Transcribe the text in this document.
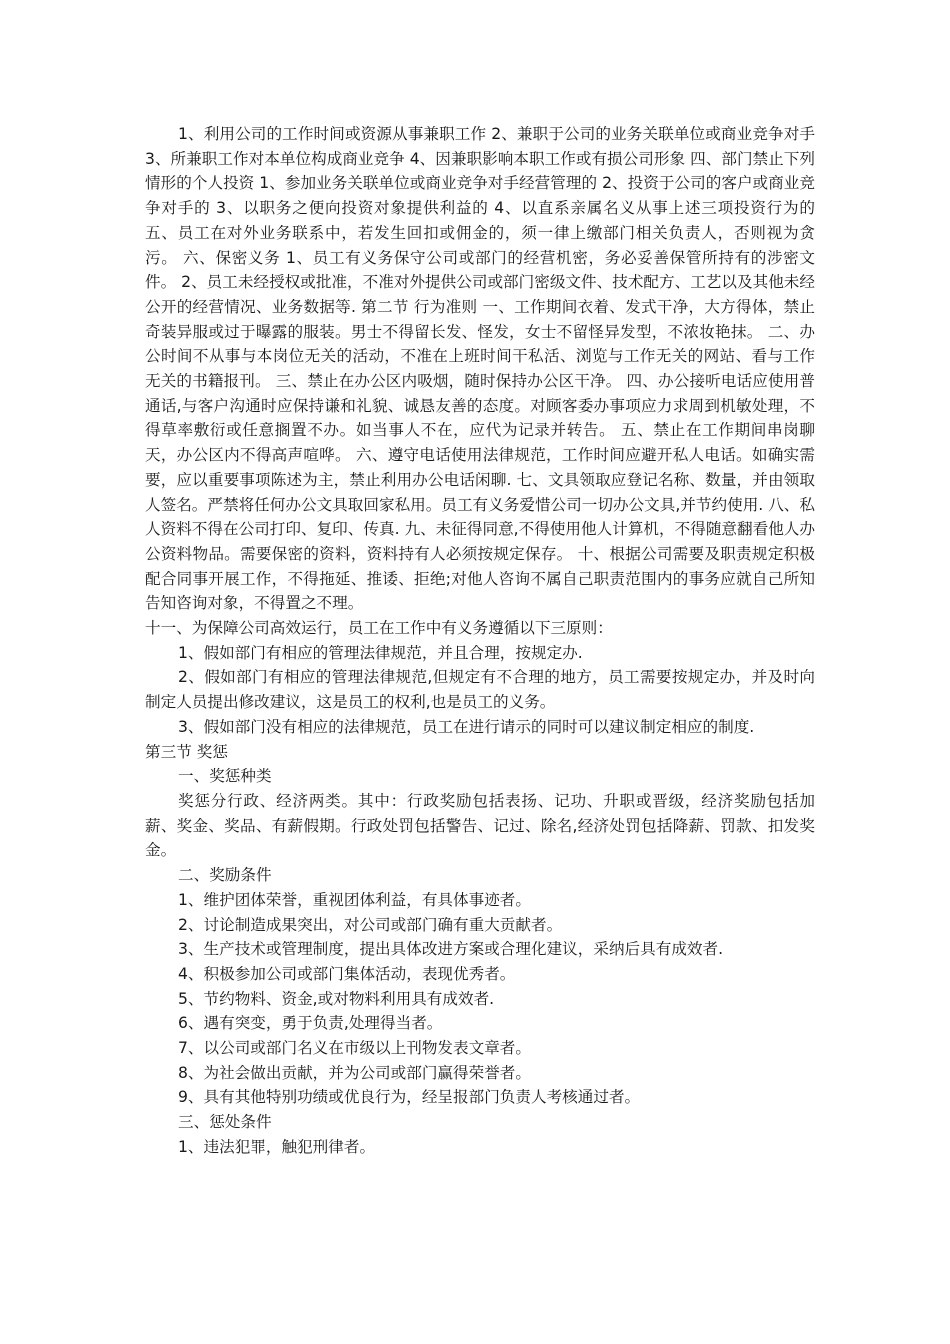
1、利用公司的工作时间或资源从事兼职工作 2、兼职于公司的业务关联单位或商业竞争对手 3、所兼职工作对本单位构成商业竞争 4、因兼职影响本职工作或有损公司形象 四、部门禁止下列情形的个人投资 1、参加业务关联单位或商业竞争对手经营管理的 2、投资于公司的客户或商业竞争对手的 3、以职务之便向投资对象提供利益的 4、以直系亲属名义从事上述三项投资行为的 五、员工在对外业务联系中，若发生回扣或佣金的，须一律上缴部门相关负责人，否则视为贪污。 六、保密义务 1、员工有义务保守公司或部门的经营机密，务必妥善保管所持有的涉密文件。 2、员工未经授权或批准，不准对外提供公司或部门密级文件、技术配方、工艺以及其他未经公开的经营情况、业务数据等. 第二节 行为准则 一、工作期间衣着、发式干净，大方得体，禁止奇装异服或过于曝露的服装。男士不得留长发、怪发，女士不留怪异发型，不浓妆艳抹。 二、办公时间不从事与本岗位无关的活动，不准在上班时间干私活、浏览与工作无关的网站、看与工作无关的书籍报刊。 三、禁止在办公区内吸烟，随时保持办公区干净。 四、办公接听电话应使用普通话,与客户沟通时应保持谦和礼貌、诚恳友善的态度。对顾客委办事项应力求周到机敏处理，不得草率敷衍或任意搁置不办。如当事人不在，应代为记录并转告。 五、禁止在工作期间串岗聊天，办公区内不得高声喧哗。 六、遵守电话使用法律规范，工作时间应避开私人电话。如确实需要，应以重要事项陈述为主，禁止利用办公电话闲聊. 七、文具领取应登记名称、数量，并由领取人签名。严禁将任何办公文具取回家私用。员工有义务爱惜公司一切办公文具,并节约使用. 八、私人资料不得在公司打印、复印、传真. 九、未征得同意,不得使用他人计算机，不得随意翻看他人办公资料物品。需要保密的资料，资料持有人必须按规定保存。 十、根据公司需要及职责规定积极配合同事开展工作，不得拖延、推诿、拒绝;对他人咨询不属自己职责范围内的事务应就自己所知告知咨询对象，不得置之不理。

十一、为保障公司高效运行，员工在工作中有义务遵循以下三原则：

1、假如部门有相应的管理法律规范，并且合理，按规定办.

2、假如部门有相应的管理法律规范,但规定有不合理的地方，员工需要按规定办，并及时向制定人员提出修改建议，这是员工的权利,也是员工的义务。

3、假如部门没有相应的法律规范，员工在进行请示的同时可以建议制定相应的制度.

第三节 奖惩

一、奖惩种类

奖惩分行政、经济两类。其中：行政奖励包括表扬、记功、升职或晋级，经济奖励包括加薪、奖金、奖品、有薪假期。行政处罚包括警告、记过、除名,经济处罚包括降薪、罚款、扣发奖金。

二、奖励条件

1、维护团体荣誉，重视团体利益，有具体事迹者。

2、讨论制造成果突出，对公司或部门确有重大贡献者。

3、生产技术或管理制度，提出具体改进方案或合理化建议，采纳后具有成效者.

4、积极参加公司或部门集体活动，表现优秀者。

5、节约物料、资金,或对物料利用具有成效者.

6、遇有突变，勇于负责,处理得当者。

7、以公司或部门名义在市级以上刊物发表文章者。

8、为社会做出贡献，并为公司或部门赢得荣誉者。

9、具有其他特别功绩或优良行为，经呈报部门负责人考核通过者。

三、惩处条件

1、违法犯罪，触犯刑律者。
